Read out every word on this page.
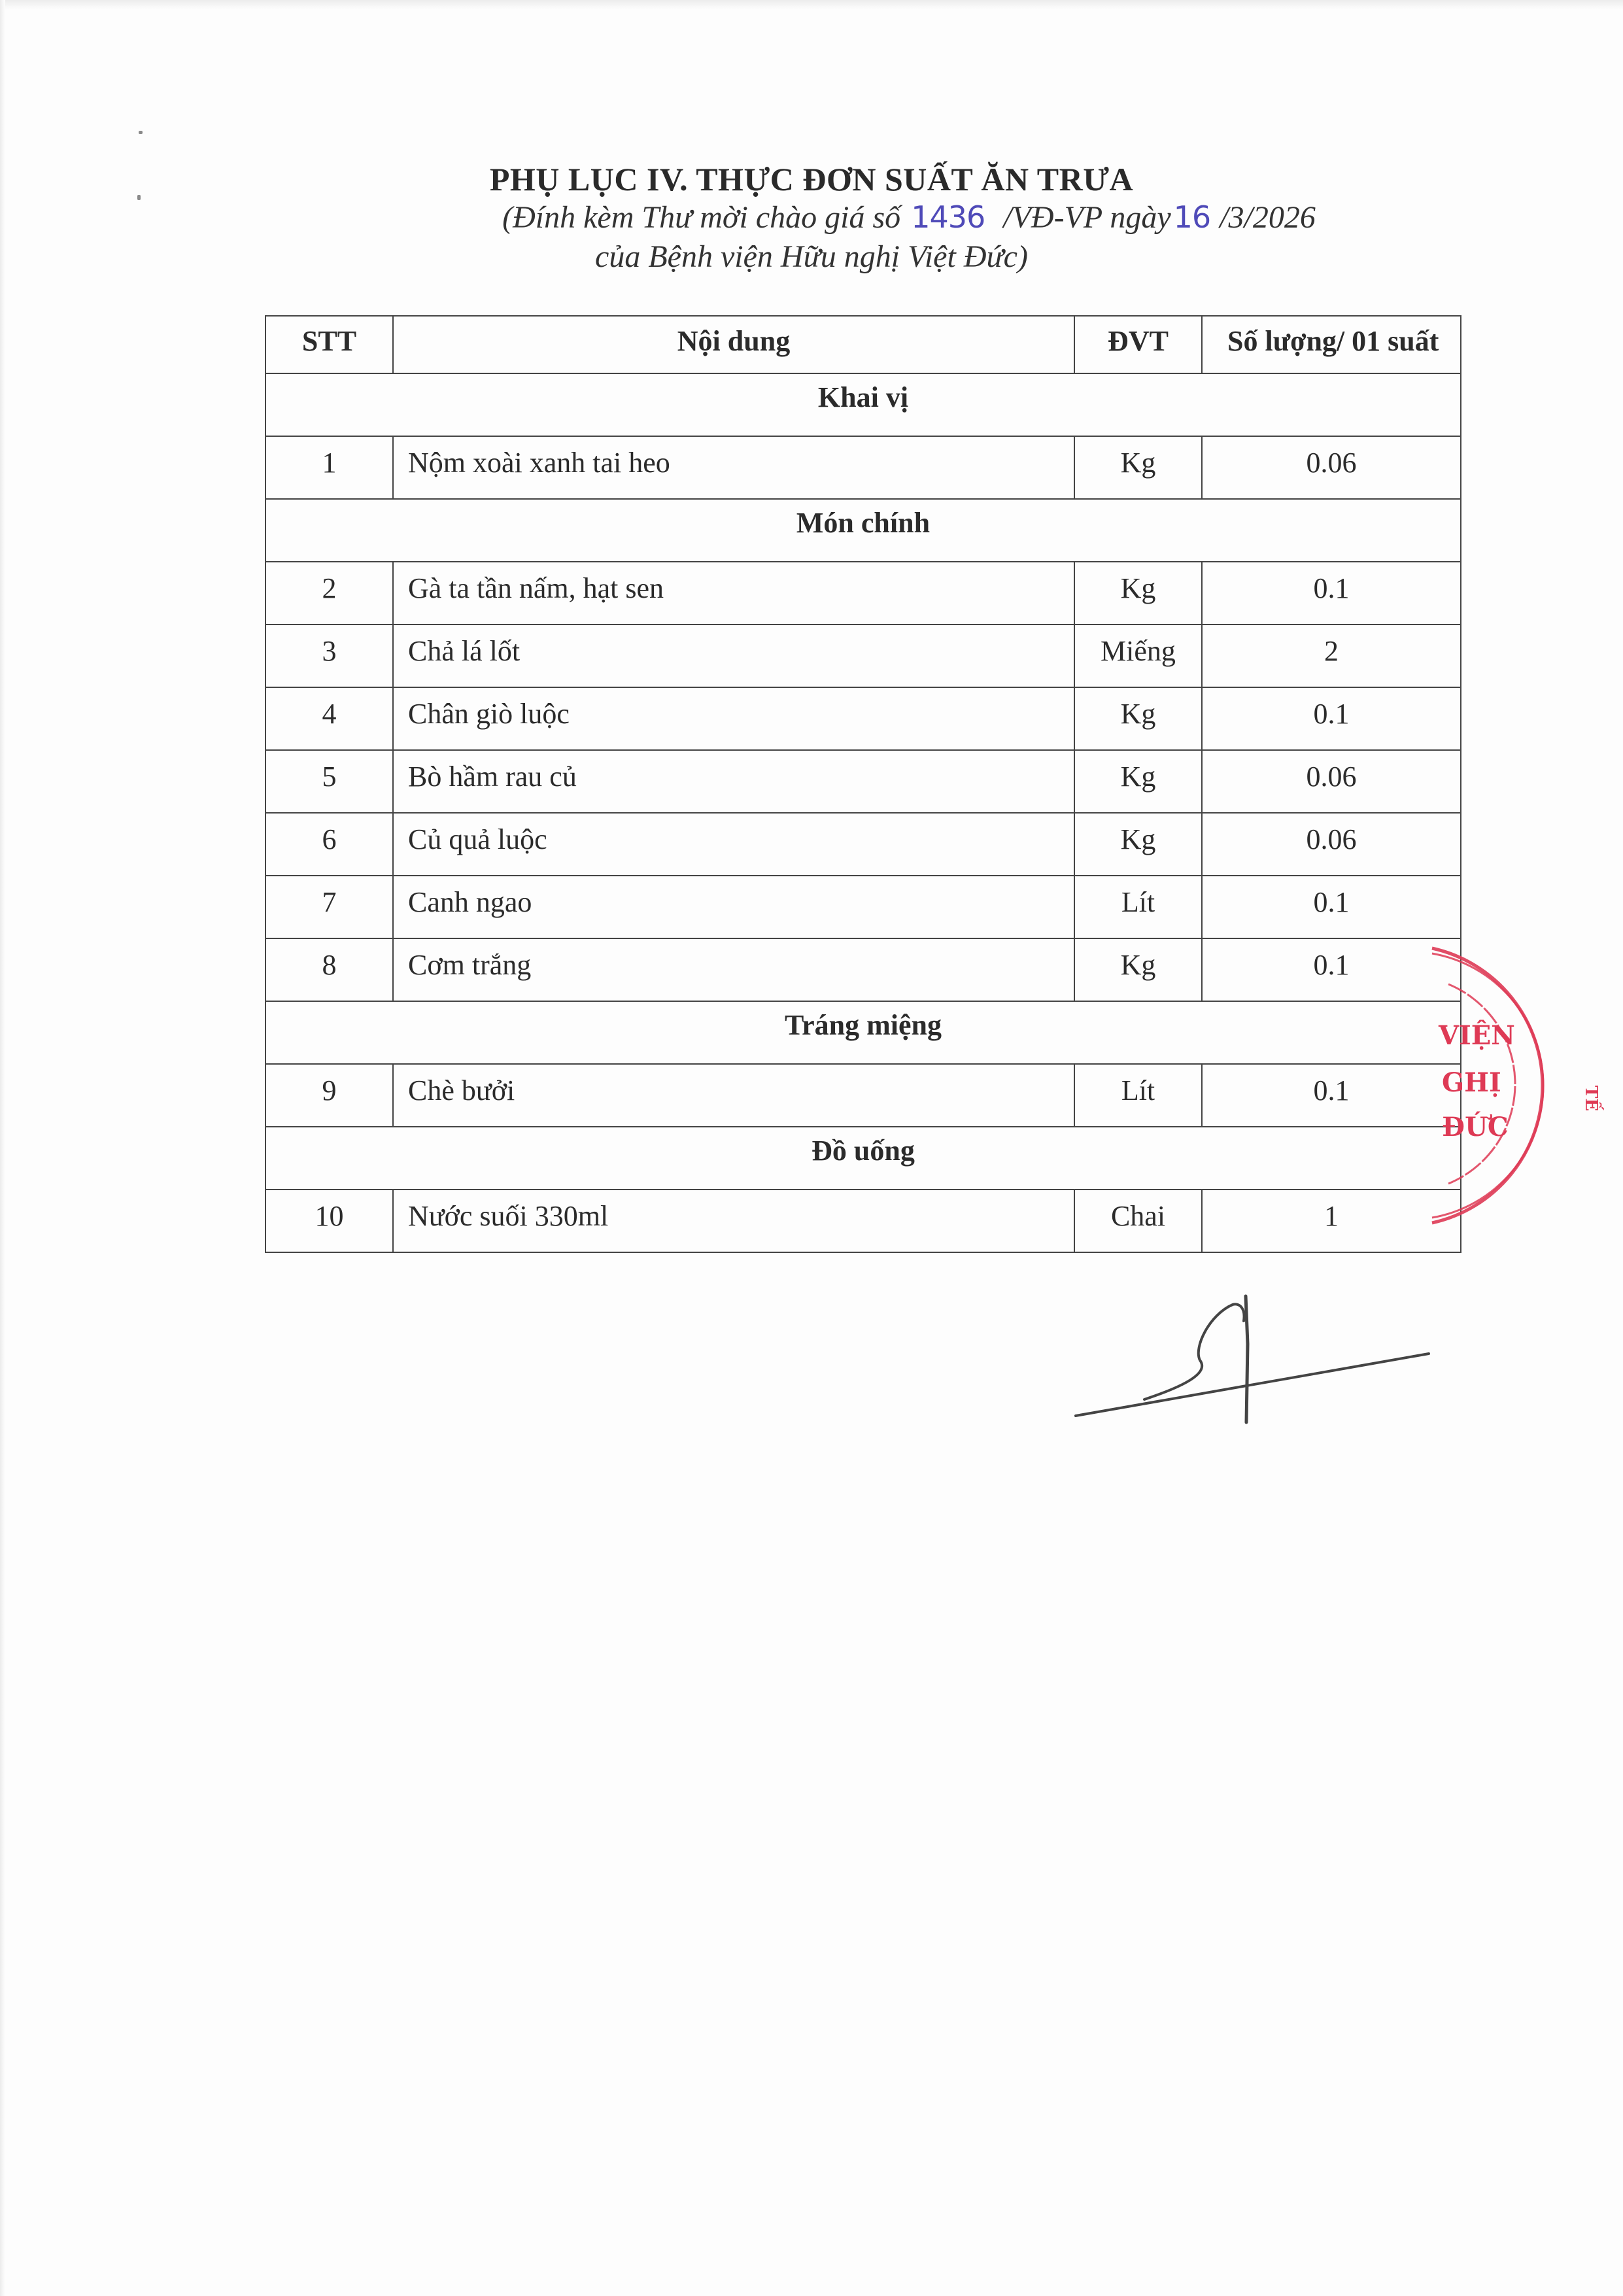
PHỤ LỤC IV. THỰC ĐƠN SUẤT ĂN TRƯA
(Đính kèm Thư mời chào giá số 1436 /VĐ-VP ngày16 /3/2026
của Bệnh viện Hữu nghị Việt Đức)
STT	Nội dung	ĐVT	Số lượng/ 01 suất
Khai vị			
1	Nộm xoài xanh tai heo	Kg	0.06
Món chính			
2	Gà ta tần nấm, hạt sen	Kg	0.1
3	Chả lá lốt	Miếng	2
4	Chân giò luộc	Kg	0.1
5	Bò hầm rau củ	Kg	0.06
6	Củ quả luộc	Kg	0.06
7	Canh ngao	Lít	0.1
8	Cơm trắng	Kg	0.1
Tráng miệng			
9	Chè bưởi	Lít	0.1
Đồ uống			
10	Nước suối 330ml	Chai	1
TẾ
VIỆN
GHỊ
ĐỨC
